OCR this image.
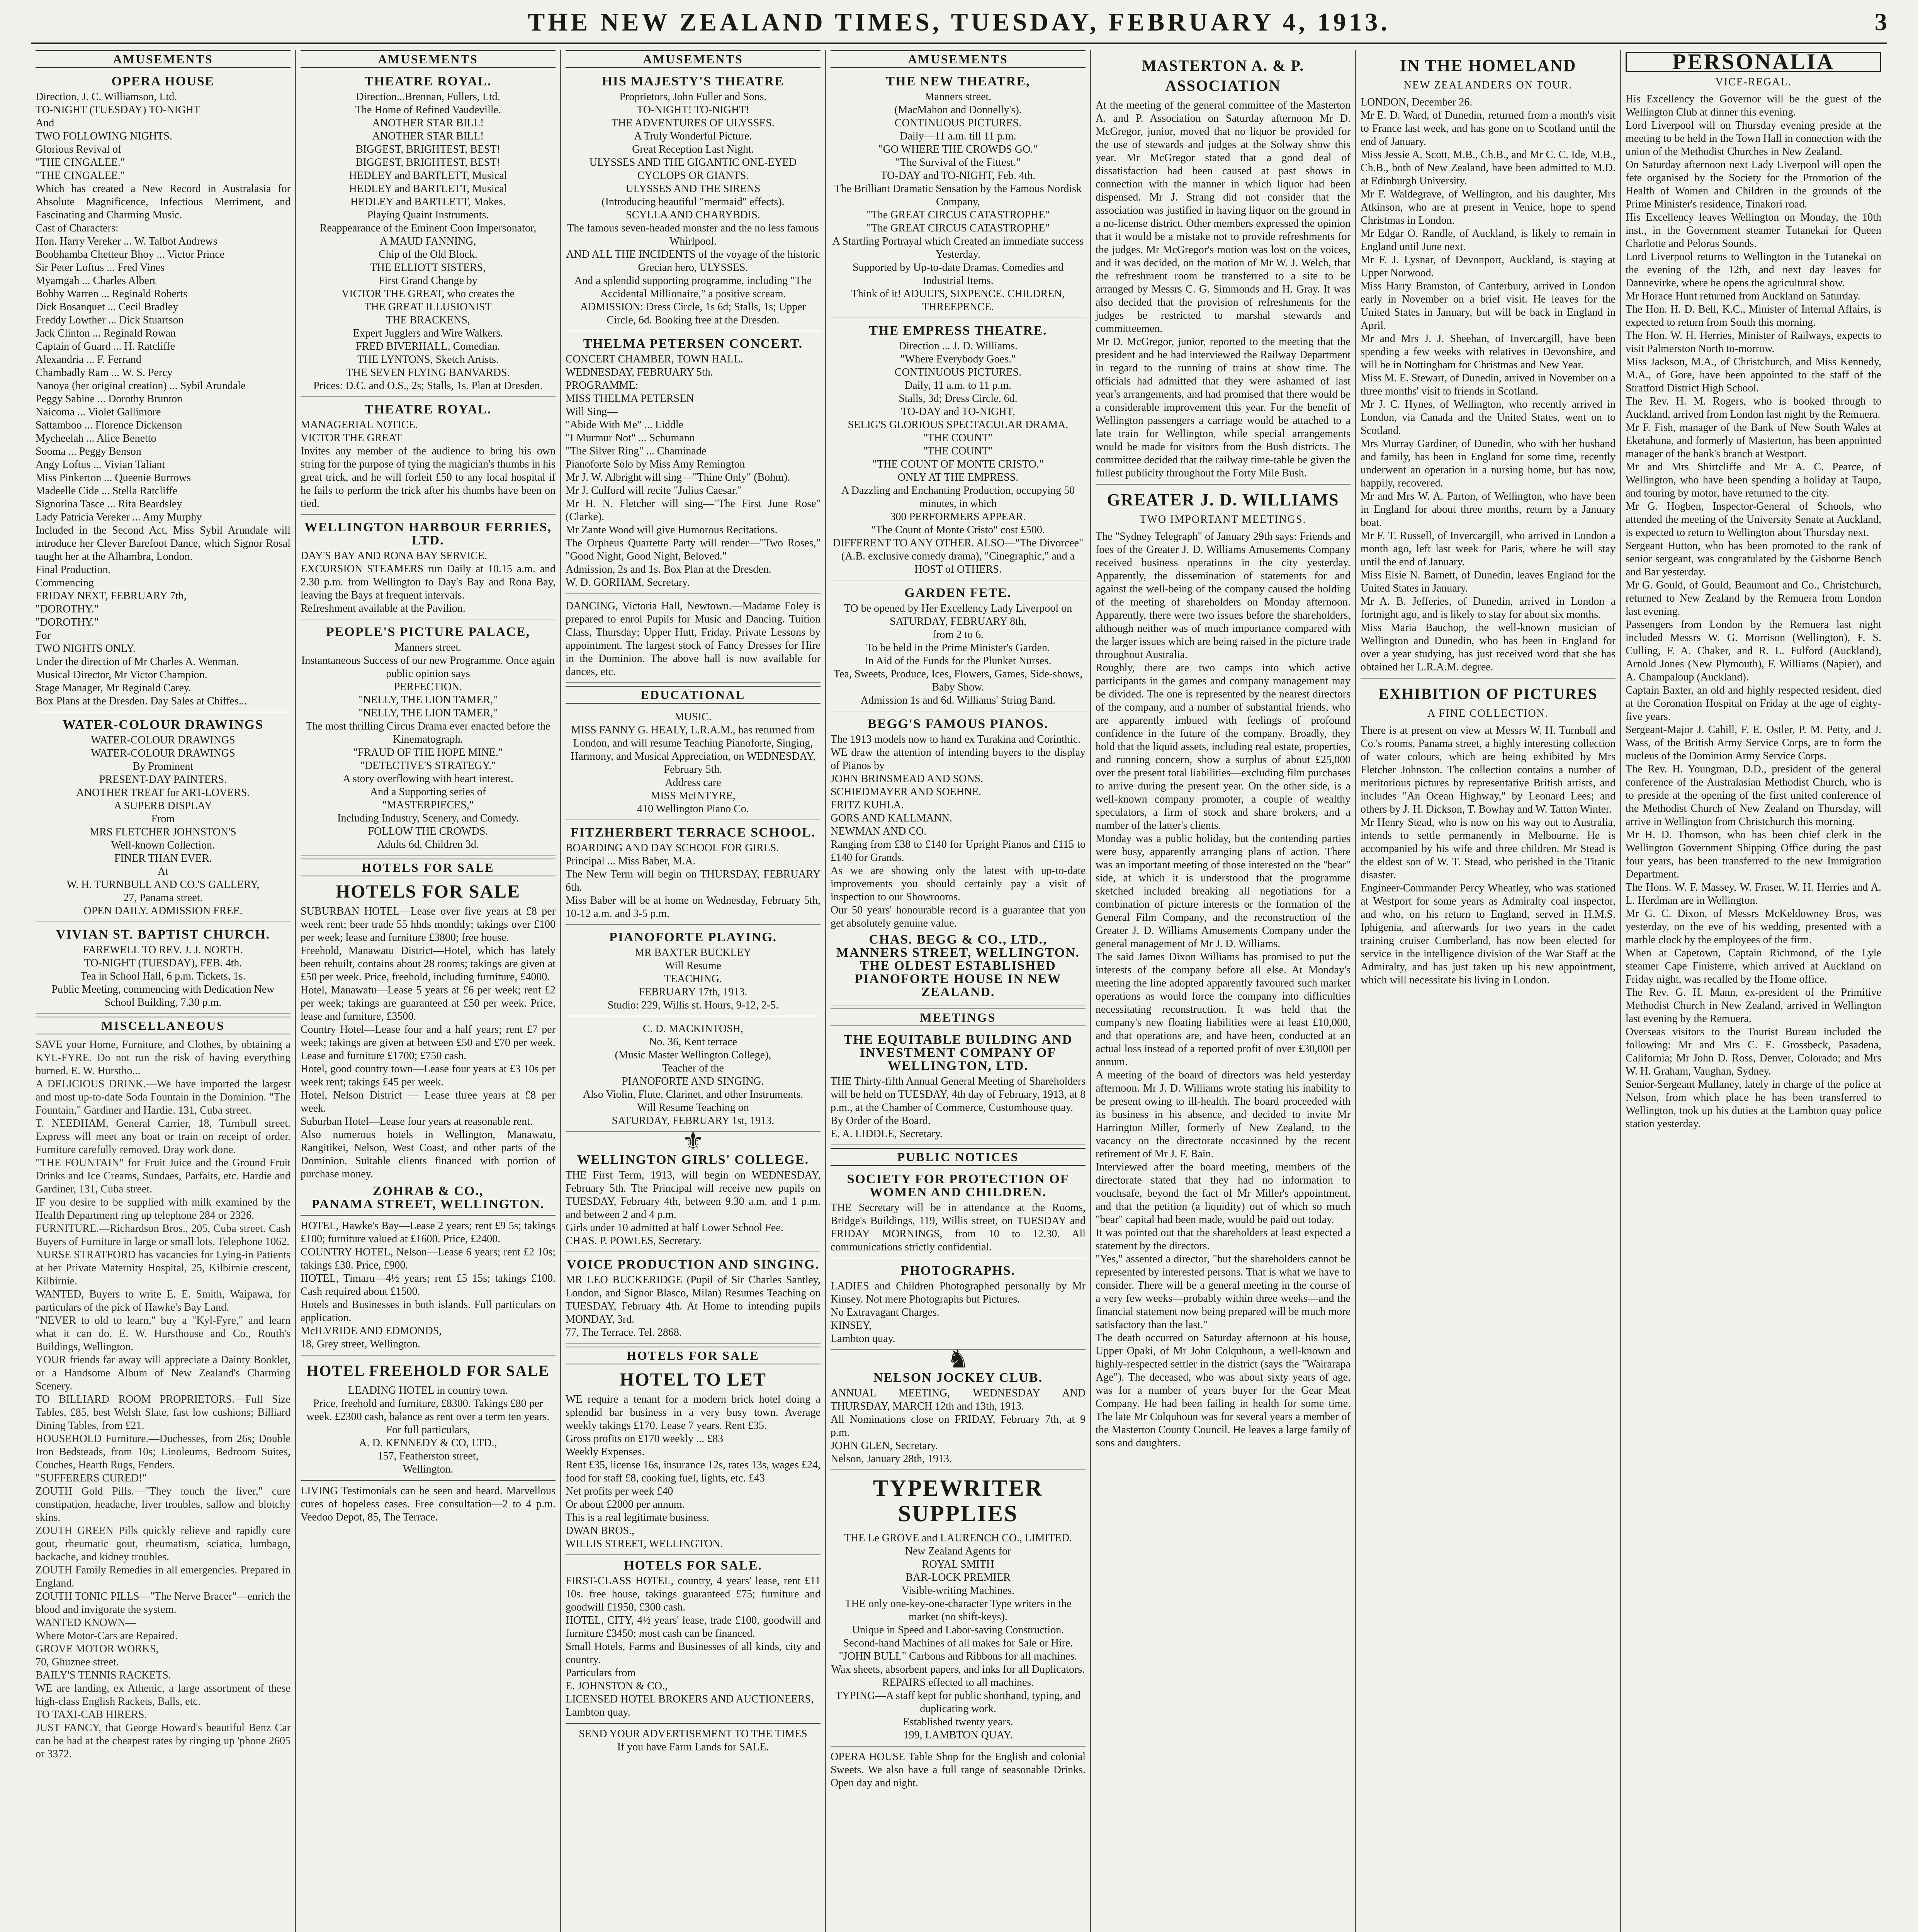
THE NEW ZEALAND TIMES, TUESDAY, FEBRUARY 4, 1913.	3
AMUSEMENTS
OPERA HOUSE
Direction, J. C. Williamson, Ltd.
TO-NIGHT (TUESDAY) TO-NIGHT
And
TWO FOLLOWING NIGHTS.
Glorious Revival of
"THE CINGALEE."
"THE CINGALEE."
Which has created a New Record in Australasia for Absolute Magnificence, Infectious Merriment, and Fascinating and Charming Music.
Cast of Characters:
Hon. Harry Vereker ... W. Talbot Andrews
Boobhamba Chetteur Bhoy ... Victor Prince
Sir Peter Loftus ... Fred Vines
Myamgah ... Charles Albert
Bobby Warren ... Reginald Roberts
Dick Bosanquet ... Cecil Bradley
Freddy Lowther ... Dick Stuartson
Jack Clinton ... Reginald Rowan
Captain of Guard ... H. Ratcliffe
Alexandria ... F. Ferrand
Chambadly Ram ... W. S. Percy
Nanoya (her original creation) ... Sybil Arundale
Peggy Sabine ... Dorothy Brunton
Naicoma ... Violet Gallimore
Sattamboo ... Florence Dickenson
Mycheelah ... Alice Benetto
Sooma ... Peggy Benson
Angy Loftus ... Vivian Taliant
Miss Pinkerton ... Queenie Burrows
Madeelle Cide ... Stella Ratcliffe
Signorina Tasce ... Rita Beardsley
Lady Patricia Vereker ... Amy Murphy
Included in the Second Act, Miss Sybil Arundale will introduce her Clever Barefoot Dance, which Signor Rosal taught her at the Alhambra, London.
Final Production.
Commencing
FRIDAY NEXT, FEBRUARY 7th,
"DOROTHY."
"DOROTHY."
For
TWO NIGHTS ONLY.
Under the direction of Mr Charles A. Wenman.
Musical Director, Mr Victor Champion.
Stage Manager, Mr Reginald Carey.
Box Plans at the Dresden. Day Sales at Chiffes...
WATER-COLOUR DRAWINGS
WATER-COLOUR DRAWINGS
WATER-COLOUR DRAWINGS
By Prominent
PRESENT-DAY PAINTERS.
ANOTHER TREAT for ART-LOVERS.
A SUPERB DISPLAY
From
MRS FLETCHER JOHNSTON'S
Well-known Collection.
FINER THAN EVER.
At
W. H. TURNBULL AND CO.'S GALLERY,
27, Panama street.
OPEN DAILY. ADMISSION FREE.
VIVIAN ST. BAPTIST CHURCH.
FAREWELL TO REV. J. J. NORTH.
TO-NIGHT (TUESDAY), FEB. 4th.
Tea in School Hall, 6 p.m. Tickets, 1s.
Public Meeting, commencing with Dedication New School Building, 7.30 p.m.
MISCELLANEOUS
SAVE your Home, Furniture, and Clothes, by obtaining a KYL-FYRE. Do not run the risk of having everything burned. E. W. Hurstho...
A DELICIOUS DRINK.—We have imported the largest and most up-to-date Soda Fountain in the Dominion. "The Fountain," Gardiner and Hardie. 131, Cuba street.
T. NEEDHAM, General Carrier, 18, Turnbull street. Express will meet any boat or train on receipt of order. Furniture carefully removed. Dray work done.
"THE FOUNTAIN" for Fruit Juice and the Ground Fruit Drinks and Ice Creams, Sundaes, Parfaits, etc. Hardie and Gardiner, 131, Cuba street.
IF you desire to be supplied with milk examined by the Health Department ring up telephone 284 or 2326.
FURNITURE.—Richardson Bros., 205, Cuba street. Cash Buyers of Furniture in large or small lots. Telephone 1062.
NURSE STRATFORD has vacancies for Lying-in Patients at her Private Maternity Hospital, 25, Kilbirnie crescent, Kilbirnie.
WANTED, Buyers to write E. E. Smith, Waipawa, for particulars of the pick of Hawke's Bay Land.
"NEVER to old to learn," buy a "Kyl-Fyre," and learn what it can do. E. W. Hursthouse and Co., Routh's Buildings, Wellington.
YOUR friends far away will appreciate a Dainty Booklet, or a Handsome Album of New Zealand's Charming Scenery.
TO BILLIARD ROOM PROPRIETORS.—Full Size Tables, £85, best Welsh Slate, fast low cushions; Billiard Dining Tables, from £21.
HOUSEHOLD Furniture.—Duchesses, from 26s; Double Iron Bedsteads, from 10s; Linoleums, Bedroom Suites, Couches, Hearth Rugs, Fenders.
"SUFFERERS CURED!"
ZOUTH Gold Pills.—"They touch the liver," cure constipation, headache, liver troubles, sallow and blotchy skins.
ZOUTH GREEN Pills quickly relieve and rapidly cure gout, rheumatic gout, rheumatism, sciatica, lumbago, backache, and kidney troubles.
ZOUTH Family Remedies in all emergencies. Prepared in England.
ZOUTH TONIC PILLS—"The Nerve Bracer"—enrich the blood and invigorate the system.
WANTED KNOWN—
Where Motor-Cars are Repaired.
GROVE MOTOR WORKS,
70, Ghuznee street.
BAILY'S TENNIS RACKETS.
WE are landing, ex Athenic, a large assortment of these high-class English Rackets, Balls, etc.
TO TAXI-CAB HIRERS.
JUST FANCY, that George Howard's beautiful Benz Car can be had at the cheapest rates by ringing up 'phone 2605 or 3372.
AMUSEMENTS
THEATRE ROYAL.
Direction...Brennan, Fullers, Ltd.
The Home of Refined Vaudeville.
ANOTHER STAR BILL!
ANOTHER STAR BILL!
BIGGEST, BRIGHTEST, BEST!
BIGGEST, BRIGHTEST, BEST!
HEDLEY and BARTLETT, Musical
HEDLEY and BARTLETT, Musical
HEDLEY and BARTLETT, Mokes.
Playing Quaint Instruments.
Reappearance of the Eminent Coon Impersonator,
A MAUD FANNING,
Chip of the Old Block.
THE ELLIOTT SISTERS,
First Grand Change by
VICTOR THE GREAT, who creates the
THE GREAT ILLUSIONIST
THE BRACKENS,
Expert Jugglers and Wire Walkers.
FRED BIVERHALL, Comedian.
THE LYNTONS, Sketch Artists.
THE SEVEN FLYING BANVARDS.
Prices: D.C. and O.S., 2s; Stalls, 1s. Plan at Dresden.
THEATRE ROYAL.
MANAGERIAL NOTICE.
VICTOR THE GREAT
Invites any member of the audience to bring his own string for the purpose of tying the magician's thumbs in his great trick, and he will forfeit £50 to any local hospital if he fails to perform the trick after his thumbs have been on tied.
WELLINGTON HARBOUR FERRIES, LTD.
DAY'S BAY AND RONA BAY SERVICE.
EXCURSION STEAMERS run Daily at 10.15 a.m. and 2.30 p.m. from Wellington to Day's Bay and Rona Bay, leaving the Bays at frequent intervals.
Refreshment available at the Pavilion.
PEOPLE'S PICTURE PALACE,
Manners street.
Instantaneous Success of our new Programme. Once again public opinion says
PERFECTION.
"NELLY, THE LION TAMER,"
"NELLY, THE LION TAMER,"
The most thrilling Circus Drama ever enacted before the Kinematograph.
"FRAUD OF THE HOPE MINE."
"DETECTIVE'S STRATEGY."
A story overflowing with heart interest.
And a Supporting series of
"MASTERPIECES,"
Including Industry, Scenery, and Comedy.
FOLLOW THE CROWDS.
Adults 6d, Children 3d.
HOTELS FOR SALE
HOTELS FOR SALE
SUBURBAN HOTEL—Lease over five years at £8 per week rent; beer trade 55 hhds monthly; takings over £100 per week; lease and furniture £3800; free house.
Freehold, Manawatu District—Hotel, which has lately been rebuilt, contains about 28 rooms; takings are given at £50 per week. Price, freehold, including furniture, £4000.
Hotel, Manawatu—Lease 5 years at £6 per week; rent £2 per week; takings are guaranteed at £50 per week. Price, lease and furniture, £3500.
Country Hotel—Lease four and a half years; rent £7 per week; takings are given at between £50 and £70 per week. Lease and furniture £1700; £750 cash.
Hotel, good country town—Lease four years at £3 10s per week rent; takings £45 per week.
Hotel, Nelson District — Lease three years at £8 per week.
Suburban Hotel—Lease four years at reasonable rent.
Also numerous hotels in Wellington, Manawatu, Rangitikei, Nelson, West Coast, and other parts of the Dominion. Suitable clients financed with portion of purchase money.
ZOHRAB & CO.,
PANAMA STREET, WELLINGTON.
HOTEL, Hawke's Bay—Lease 2 years; rent £9 5s; takings £100; furniture valued at £1600. Price, £2400.
COUNTRY HOTEL, Nelson—Lease 6 years; rent £2 10s; takings £30. Price, £900.
HOTEL, Timaru—4½ years; rent £5 15s; takings £100. Cash required about £1500.
Hotels and Businesses in both islands. Full particulars on application.
McILVRIDE AND EDMONDS,
18, Grey street, Wellington.
HOTEL FREEHOLD FOR SALE
LEADING HOTEL in country town.
Price, freehold and furniture, £8300. Takings £80 per week. £2300 cash, balance as rent over a term ten years.
For full particulars,
A. D. KENNEDY & CO, LTD.,
157, Featherston street,
Wellington.
LIVING Testimonials can be seen and heard. Marvellous cures of hopeless cases. Free consultation—2 to 4 p.m. Veedoo Depot, 85, The Terrace.
AMUSEMENTS
HIS MAJESTY'S THEATRE
Proprietors, John Fuller and Sons.
TO-NIGHT! TO-NIGHT!
THE ADVENTURES OF ULYSSES.
A Truly Wonderful Picture.
Great Reception Last Night.
ULYSSES AND THE GIGANTIC ONE-EYED CYCLOPS OR GIANTS.
ULYSSES AND THE SIRENS
(Introducing beautiful "mermaid" effects).
SCYLLA AND CHARYBDIS.
The famous seven-headed monster and the no less famous Whirlpool.
AND ALL THE INCIDENTS of the voyage of the historic Grecian hero, ULYSSES.
And a splendid supporting programme, including "The Accidental Millionaire," a positive scream.
ADMISSION: Dress Circle, 1s 6d; Stalls, 1s; Upper Circle, 6d. Booking free at the Dresden.
THELMA PETERSEN CONCERT.
CONCERT CHAMBER, TOWN HALL.
WEDNESDAY, FEBRUARY 5th.
PROGRAMME:
MISS THELMA PETERSEN
Will Sing—
"Abide With Me" ... Liddle
"I Murmur Not" ... Schumann
"The Silver Ring" ... Chaminade
Pianoforte Solo by Miss Amy Remington
Mr J. W. Albright will sing—"Thine Only" (Bohm).
Mr J. Culford will recite "Julius Caesar."
Mr H. N. Fletcher will sing—"The First June Rose" (Clarke).
Mr Zante Wood will give Humorous Recitations.
The Orpheus Quartette Party will render—"Two Roses," "Good Night, Good Night, Beloved."
Admission, 2s and 1s. Box Plan at the Dresden.
W. D. GORHAM, Secretary.
DANCING, Victoria Hall, Newtown.—Madame Foley is prepared to enrol Pupils for Music and Dancing. Tuition Class, Thursday; Upper Hutt, Friday. Private Lessons by appointment. The largest stock of Fancy Dresses for Hire in the Dominion. The above hall is now available for dances, etc.
EDUCATIONAL
MUSIC.
MISS FANNY G. HEALY, L.R.A.M., has returned from London, and will resume Teaching Pianoforte, Singing, Harmony, and Musical Appreciation, on WEDNESDAY, February 5th.
Address care
MISS McINTYRE,
410 Wellington Piano Co.
FITZHERBERT TERRACE SCHOOL.
BOARDING AND DAY SCHOOL FOR GIRLS.
Principal ... Miss Baber, M.A.
The New Term will begin on THURSDAY, FEBRUARY 6th.
Miss Baber will be at home on Wednesday, February 5th, 10-12 a.m. and 3-5 p.m.
PIANOFORTE PLAYING.
MR BAXTER BUCKLEY
Will Resume
TEACHING.
FEBRUARY 17th, 1913.
Studio: 229, Willis st. Hours, 9-12, 2-5.
C. D. MACKINTOSH,
No. 36, Kent terrace
(Music Master Wellington College),
Teacher of the
PIANOFORTE AND SINGING.
Also Violin, Flute, Clarinet, and other Instruments.
Will Resume Teaching on
SATURDAY, FEBRUARY 1st, 1913.
⚜
WELLINGTON GIRLS' COLLEGE.
THE First Term, 1913, will begin on WEDNESDAY, February 5th. The Principal will receive new pupils on TUESDAY, February 4th, between 9.30 a.m. and 1 p.m. and between 2 and 4 p.m.
Girls under 10 admitted at half Lower School Fee.
CHAS. P. POWLES, Secretary.
VOICE PRODUCTION AND SINGING.
MR LEO BUCKERIDGE (Pupil of Sir Charles Santley, London, and Signor Blasco, Milan) Resumes Teaching on TUESDAY, February 4th. At Home to intending pupils MONDAY, 3rd.
77, The Terrace. Tel. 2868.
HOTELS FOR SALE
HOTEL TO LET
WE require a tenant for a modern brick hotel doing a splendid bar business in a very busy town. Average weekly takings £170. Lease 7 years. Rent £35.
Gross profits on £170 weekly ... £83
Weekly Expenses.
Rent £35, license 16s, insurance 12s, rates 13s, wages £24, food for staff £8, cooking fuel, lights, etc. £43
Net profits per week £40
Or about £2000 per annum.
This is a real legitimate business.
DWAN BROS.,
WILLIS STREET, WELLINGTON.
HOTELS FOR SALE.
FIRST-CLASS HOTEL, country, 4 years' lease, rent £11 10s. free house, takings guaranteed £75; furniture and goodwill £1950, £300 cash.
HOTEL, CITY, 4½ years' lease, trade £100, goodwill and furniture £3450; most cash can be financed.
Small Hotels, Farms and Businesses of all kinds, city and country.
Particulars from
E. JOHNSTON & CO.,
LICENSED HOTEL BROKERS AND AUCTIONEERS,
Lambton quay.
SEND YOUR ADVERTISEMENT TO THE TIMES
If you have Farm Lands for SALE.
AMUSEMENTS
THE NEW THEATRE,
Manners street.
(MacMahon and Donnelly's).
CONTINUOUS PICTURES.
Daily—11 a.m. till 11 p.m.
"GO WHERE THE CROWDS GO."
"The Survival of the Fittest."
TO-DAY and TO-NIGHT, Feb. 4th.
The Brilliant Dramatic Sensation by the Famous Nordisk Company,
"The GREAT CIRCUS CATASTROPHE"
"The GREAT CIRCUS CATASTROPHE"
A Startling Portrayal which Created an immediate success Yesterday.
Supported by Up-to-date Dramas, Comedies and Industrial Items.
Think of it! ADULTS, SIXPENCE. CHILDREN, THREEPENCE.
THE EMPRESS THEATRE.
Direction ... J. D. Williams.
"Where Everybody Goes."
CONTINUOUS PICTURES.
Daily, 11 a.m. to 11 p.m.
Stalls, 3d; Dress Circle, 6d.
TO-DAY and TO-NIGHT,
SELIG'S GLORIOUS SPECTACULAR DRAMA.
"THE COUNT"
"THE COUNT"
"THE COUNT OF MONTE CRISTO."
ONLY AT THE EMPRESS.
A Dazzling and Enchanting Production, occupying 50 minutes, in which
300 PERFORMERS APPEAR.
"The Count of Monte Cristo" cost £500.
DIFFERENT TO ANY OTHER. ALSO—"The Divorcee" (A.B. exclusive comedy drama), "Cinegraphic," and a HOST of OTHERS.
GARDEN FETE.
TO be opened by Her Excellency Lady Liverpool on
SATURDAY, FEBRUARY 8th,
from 2 to 6.
To be held in the Prime Minister's Garden.
In Aid of the Funds for the Plunket Nurses.
Tea, Sweets, Produce, Ices, Flowers, Games, Side-shows, Baby Show.
Admission 1s and 6d. Williams' String Band.
BEGG'S FAMOUS PIANOS.
The 1913 models now to hand ex Turakina and Corinthic.
WE draw the attention of intending buyers to the display of Pianos by
JOHN BRINSMEAD AND SONS.
SCHIEDMAYER AND SOEHNE.
FRITZ KUHLA.
GORS AND KALLMANN.
NEWMAN AND CO.
Ranging from £38 to £140 for Upright Pianos and £115 to £140 for Grands.
As we are showing only the latest with up-to-date improvements you should certainly pay a visit of inspection to our Showrooms.
Our 50 years' honourable record is a guarantee that you get absolutely genuine value.
CHAS. BEGG & CO., LTD.,
MANNERS STREET, WELLINGTON.
THE OLDEST ESTABLISHED PIANOFORTE HOUSE IN NEW ZEALAND.
MEETINGS
THE EQUITABLE BUILDING AND INVESTMENT COMPANY OF WELLINGTON, LTD.
THE Thirty-fifth Annual General Meeting of Shareholders will be held on TUESDAY, 4th day of February, 1913, at 8 p.m., at the Chamber of Commerce, Customhouse quay.
By Order of the Board.
E. A. LIDDLE, Secretary.
PUBLIC NOTICES
SOCIETY FOR PROTECTION OF WOMEN AND CHILDREN.
THE Secretary will be in attendance at the Rooms, Bridge's Buildings, 119, Willis street, on TUESDAY and FRIDAY MORNINGS, from 10 to 12.30. All communications strictly confidential.
PHOTOGRAPHS.
LADIES and Children Photographed personally by Mr Kinsey. Not mere Photographs but Pictures.
No Extravagant Charges.
KINSEY,
Lambton quay.
♞
NELSON JOCKEY CLUB.
ANNUAL MEETING, WEDNESDAY AND THURSDAY, MARCH 12th and 13th, 1913.
All Nominations close on FRIDAY, February 7th, at 9 p.m.
JOHN GLEN, Secretary.
Nelson, January 28th, 1913.
TYPEWRITER SUPPLIES
THE Le GROVE and LAURENCH CO., LIMITED.
New Zealand Agents for
ROYAL SMITH
BAR-LOCK PREMIER
Visible-writing Machines.
THE only one-key-one-character Type writers in the market (no shift-keys).
Unique in Speed and Labor-saving Construction.
Second-hand Machines of all makes for Sale or Hire.
"JOHN BULL" Carbons and Ribbons for all machines.
Wax sheets, absorbent papers, and inks for all Duplicators.
REPAIRS effected to all machines.
TYPING—A staff kept for public shorthand, typing, and duplicating work.
Established twenty years.
199, LAMBTON QUAY.
OPERA HOUSE Table Shop for the English and colonial Sweets. We also have a full range of seasonable Drinks. Open day and night.
MASTERTON A. & P. ASSOCIATION
At the meeting of the general committee of the Masterton A. and P. Association on Saturday afternoon Mr D. McGregor, junior, moved that no liquor be provided for the use of stewards and judges at the Solway show this year. Mr McGregor stated that a good deal of dissatisfaction had been caused at past shows in connection with the manner in which liquor had been dispensed. Mr J. Strang did not consider that the association was justified in having liquor on the ground in a no-license district. Other members expressed the opinion that it would be a mistake not to provide refreshments for the judges. Mr McGregor's motion was lost on the voices, and it was decided, on the motion of Mr W. J. Welch, that the refreshment room be transferred to a site to be arranged by Messrs C. G. Simmonds and H. Gray. It was also decided that the provision of refreshments for the judges be restricted to marshal stewards and committeemen.
Mr D. McGregor, junior, reported to the meeting that the president and he had interviewed the Railway Department in regard to the running of trains at show time. The officials had admitted that they were ashamed of last year's arrangements, and had promised that there would be a considerable improvement this year. For the benefit of Wellington passengers a carriage would be attached to a late train for Wellington, while special arrangements would be made for visitors from the Bush districts. The committee decided that the railway time-table be given the fullest publicity throughout the Forty Mile Bush.
GREATER J. D. WILLIAMS
TWO IMPORTANT MEETINGS.
The "Sydney Telegraph" of January 29th says: Friends and foes of the Greater J. D. Williams Amusements Company received business operations in the city yesterday. Apparently, the dissemination of statements for and against the well-being of the company caused the holding of the meeting of shareholders on Monday afternoon. Apparently, there were two issues before the shareholders, although neither was of much importance compared with the larger issues which are being raised in the picture trade throughout Australia.
Roughly, there are two camps into which active participants in the games and company management may be divided. The one is represented by the nearest directors of the company, and a number of substantial friends, who are apparently imbued with feelings of profound confidence in the future of the company. Broadly, they hold that the liquid assets, including real estate, properties, and running concern, show a surplus of about £25,000 over the present total liabilities—excluding film purchases to arrive during the present year. On the other side, is a well-known company promoter, a couple of wealthy speculators, a firm of stock and share brokers, and a number of the latter's clients.
Monday was a public holiday, but the contending parties were busy, apparently arranging plans of action. There was an important meeting of those interested on the "bear" side, at which it is understood that the programme sketched included breaking all negotiations for a combination of picture interests or the formation of the General Film Company, and the reconstruction of the Greater J. D. Williams Amusements Company under the general management of Mr J. D. Williams.
The said James Dixon Williams has promised to put the interests of the company before all else. At Monday's meeting the line adopted apparently favoured such market operations as would force the company into difficulties necessitating reconstruction. It was held that the company's new floating liabilities were at least £10,000, and that operations are, and have been, conducted at an actual loss instead of a reported profit of over £30,000 per annum.
A meeting of the board of directors was held yesterday afternoon. Mr J. D. Williams wrote stating his inability to be present owing to ill-health. The board proceeded with its business in his absence, and decided to invite Mr Harrington Miller, formerly of New Zealand, to the vacancy on the directorate occasioned by the recent retirement of Mr J. F. Bain.
Interviewed after the board meeting, members of the directorate stated that they had no information to vouchsafe, beyond the fact of Mr Miller's appointment, and that the petition (a liquidity) out of which so much "bear" capital had been made, would be paid out today.
It was pointed out that the shareholders at least expected a statement by the directors.
"Yes," assented a director, "but the shareholders cannot be represented by interested persons. That is what we have to consider. There will be a general meeting in the course of a very few weeks—probably within three weeks—and the financial statement now being prepared will be much more satisfactory than the last."
The death occurred on Saturday afternoon at his house, Upper Opaki, of Mr John Colquhoun, a well-known and highly-respected settler in the district (says the "Wairarapa Age"). The deceased, who was about sixty years of age, was for a number of years buyer for the Gear Meat Company. He had been failing in health for some time. The late Mr Colquhoun was for several years a member of the Masterton County Council. He leaves a large family of sons and daughters.
IN THE HOMELAND
NEW ZEALANDERS ON TOUR.
LONDON, December 26.
Mr E. D. Ward, of Dunedin, returned from a month's visit to France last week, and has gone on to Scotland until the end of January.
Miss Jessie A. Scott, M.B., Ch.B., and Mr C. C. Ide, M.B., Ch.B., both of New Zealand, have been admitted to M.D. at Edinburgh University.
Mr F. Waldegrave, of Wellington, and his daughter, Mrs Atkinson, who are at present in Venice, hope to spend Christmas in London.
Mr Edgar O. Randle, of Auckland, is likely to remain in England until June next.
Mr F. J. Lysnar, of Devonport, Auckland, is staying at Upper Norwood.
Miss Harry Bramston, of Canterbury, arrived in London early in November on a brief visit. He leaves for the United States in January, but will be back in England in April.
Mr and Mrs J. J. Sheehan, of Invercargill, have been spending a few weeks with relatives in Devonshire, and will be in Nottingham for Christmas and New Year.
Miss M. E. Stewart, of Dunedin, arrived in November on a three months' visit to friends in Scotland.
Mr J. C. Hynes, of Wellington, who recently arrived in London, via Canada and the United States, went on to Scotland.
Mrs Murray Gardiner, of Dunedin, who with her husband and family, has been in England for some time, recently underwent an operation in a nursing home, but has now, happily, recovered.
Mr and Mrs W. A. Parton, of Wellington, who have been in England for about three months, return by a January boat.
Mr F. T. Russell, of Invercargill, who arrived in London a month ago, left last week for Paris, where he will stay until the end of January.
Miss Elsie N. Barnett, of Dunedin, leaves England for the United States in January.
Mr A. B. Jefferies, of Dunedin, arrived in London a fortnight ago, and is likely to stay for about six months.
Miss Maria Bauchop, the well-known musician of Wellington and Dunedin, who has been in England for over a year studying, has just received word that she has obtained her L.R.A.M. degree.
EXHIBITION OF PICTURES
A FINE COLLECTION.
There is at present on view at Messrs W. H. Turnbull and Co.'s rooms, Panama street, a highly interesting collection of water colours, which are being exhibited by Mrs Fletcher Johnston. The collection contains a number of meritorious pictures by representative British artists, and includes "An Ocean Highway," by Leonard Lees; and others by J. H. Dickson, T. Bowhay and W. Tatton Winter.
Mr Henry Stead, who is now on his way out to Australia, intends to settle permanently in Melbourne. He is accompanied by his wife and three children. Mr Stead is the eldest son of W. T. Stead, who perished in the Titanic disaster.
Engineer-Commander Percy Wheatley, who was stationed at Westport for some years as Admiralty coal inspector, and who, on his return to England, served in H.M.S. Iphigenia, and afterwards for two years in the cadet training cruiser Cumberland, has now been elected for service in the intelligence division of the War Staff at the Admiralty, and has just taken up his new appointment, which will necessitate his living in London.
PERSONALIA
VICE-REGAL.
His Excellency the Governor will be the guest of the Wellington Club at dinner this evening.
Lord Liverpool will on Thursday evening preside at the meeting to be held in the Town Hall in connection with the union of the Methodist Churches in New Zealand.
On Saturday afternoon next Lady Liverpool will open the fete organised by the Society for the Promotion of the Health of Women and Children in the grounds of the Prime Minister's residence, Tinakori road.
His Excellency leaves Wellington on Monday, the 10th inst., in the Government steamer Tutanekai for Queen Charlotte and Pelorus Sounds.
Lord Liverpool returns to Wellington in the Tutanekai on the evening of the 12th, and next day leaves for Dannevirke, where he opens the agricultural show.
Mr Horace Hunt returned from Auckland on Saturday.
The Hon. H. D. Bell, K.C., Minister of Internal Affairs, is expected to return from South this morning.
The Hon. W. H. Herries, Minister of Railways, expects to visit Palmerston North to-morrow.
Miss Jackson, M.A., of Christchurch, and Miss Kennedy, M.A., of Gore, have been appointed to the staff of the Stratford District High School.
The Rev. H. M. Rogers, who is booked through to Auckland, arrived from London last night by the Remuera.
Mr F. Fish, manager of the Bank of New South Wales at Eketahuna, and formerly of Masterton, has been appointed manager of the bank's branch at Westport.
Mr and Mrs Shirtcliffe and Mr A. C. Pearce, of Wellington, who have been spending a holiday at Taupo, and touring by motor, have returned to the city.
Mr G. Hogben, Inspector-General of Schools, who attended the meeting of the University Senate at Auckland, is expected to return to Wellington about Thursday next.
Sergeant Hutton, who has been promoted to the rank of senior sergeant, was congratulated by the Gisborne Bench and Bar yesterday.
Mr G. Gould, of Gould, Beaumont and Co., Christchurch, returned to New Zealand by the Remuera from London last evening.
Passengers from London by the Remuera last night included Messrs W. G. Morrison (Wellington), F. S. Culling, F. A. Chaker, and R. L. Fulford (Auckland), Arnold Jones (New Plymouth), F. Williams (Napier), and A. Champaloup (Auckland).
Captain Baxter, an old and highly respected resident, died at the Coronation Hospital on Friday at the age of eighty-five years.
Sergeant-Major J. Cahill, F. E. Ostler, P. M. Petty, and J. Wass, of the British Army Service Corps, are to form the nucleus of the Dominion Army Service Corps.
The Rev. H. Youngman, D.D., president of the general conference of the Australasian Methodist Church, who is to preside at the opening of the first united conference of the Methodist Church of New Zealand on Thursday, will arrive in Wellington from Christchurch this morning.
Mr H. D. Thomson, who has been chief clerk in the Wellington Government Shipping Office during the past four years, has been transferred to the new Immigration Department.
The Hons. W. F. Massey, W. Fraser, W. H. Herries and A. L. Herdman are in Wellington.
Mr G. C. Dixon, of Messrs McKeldowney Bros, was yesterday, on the eve of his wedding, presented with a marble clock by the employees of the firm.
When at Capetown, Captain Richmond, of the Lyle steamer Cape Finisterre, which arrived at Auckland on Friday night, was recalled by the Home office.
The Rev. G. H. Mann, ex-president of the Primitive Methodist Church in New Zealand, arrived in Wellington last evening by the Remuera.
Overseas visitors to the Tourist Bureau included the following: Mr and Mrs C. E. Grossbeck, Pasadena, California; Mr John D. Ross, Denver, Colorado; and Mrs W. H. Graham, Vaughan, Sydney.
Senior-Sergeant Mullaney, lately in charge of the police at Nelson, from which place he has been transferred to Wellington, took up his duties at the Lambton quay police station yesterday.
